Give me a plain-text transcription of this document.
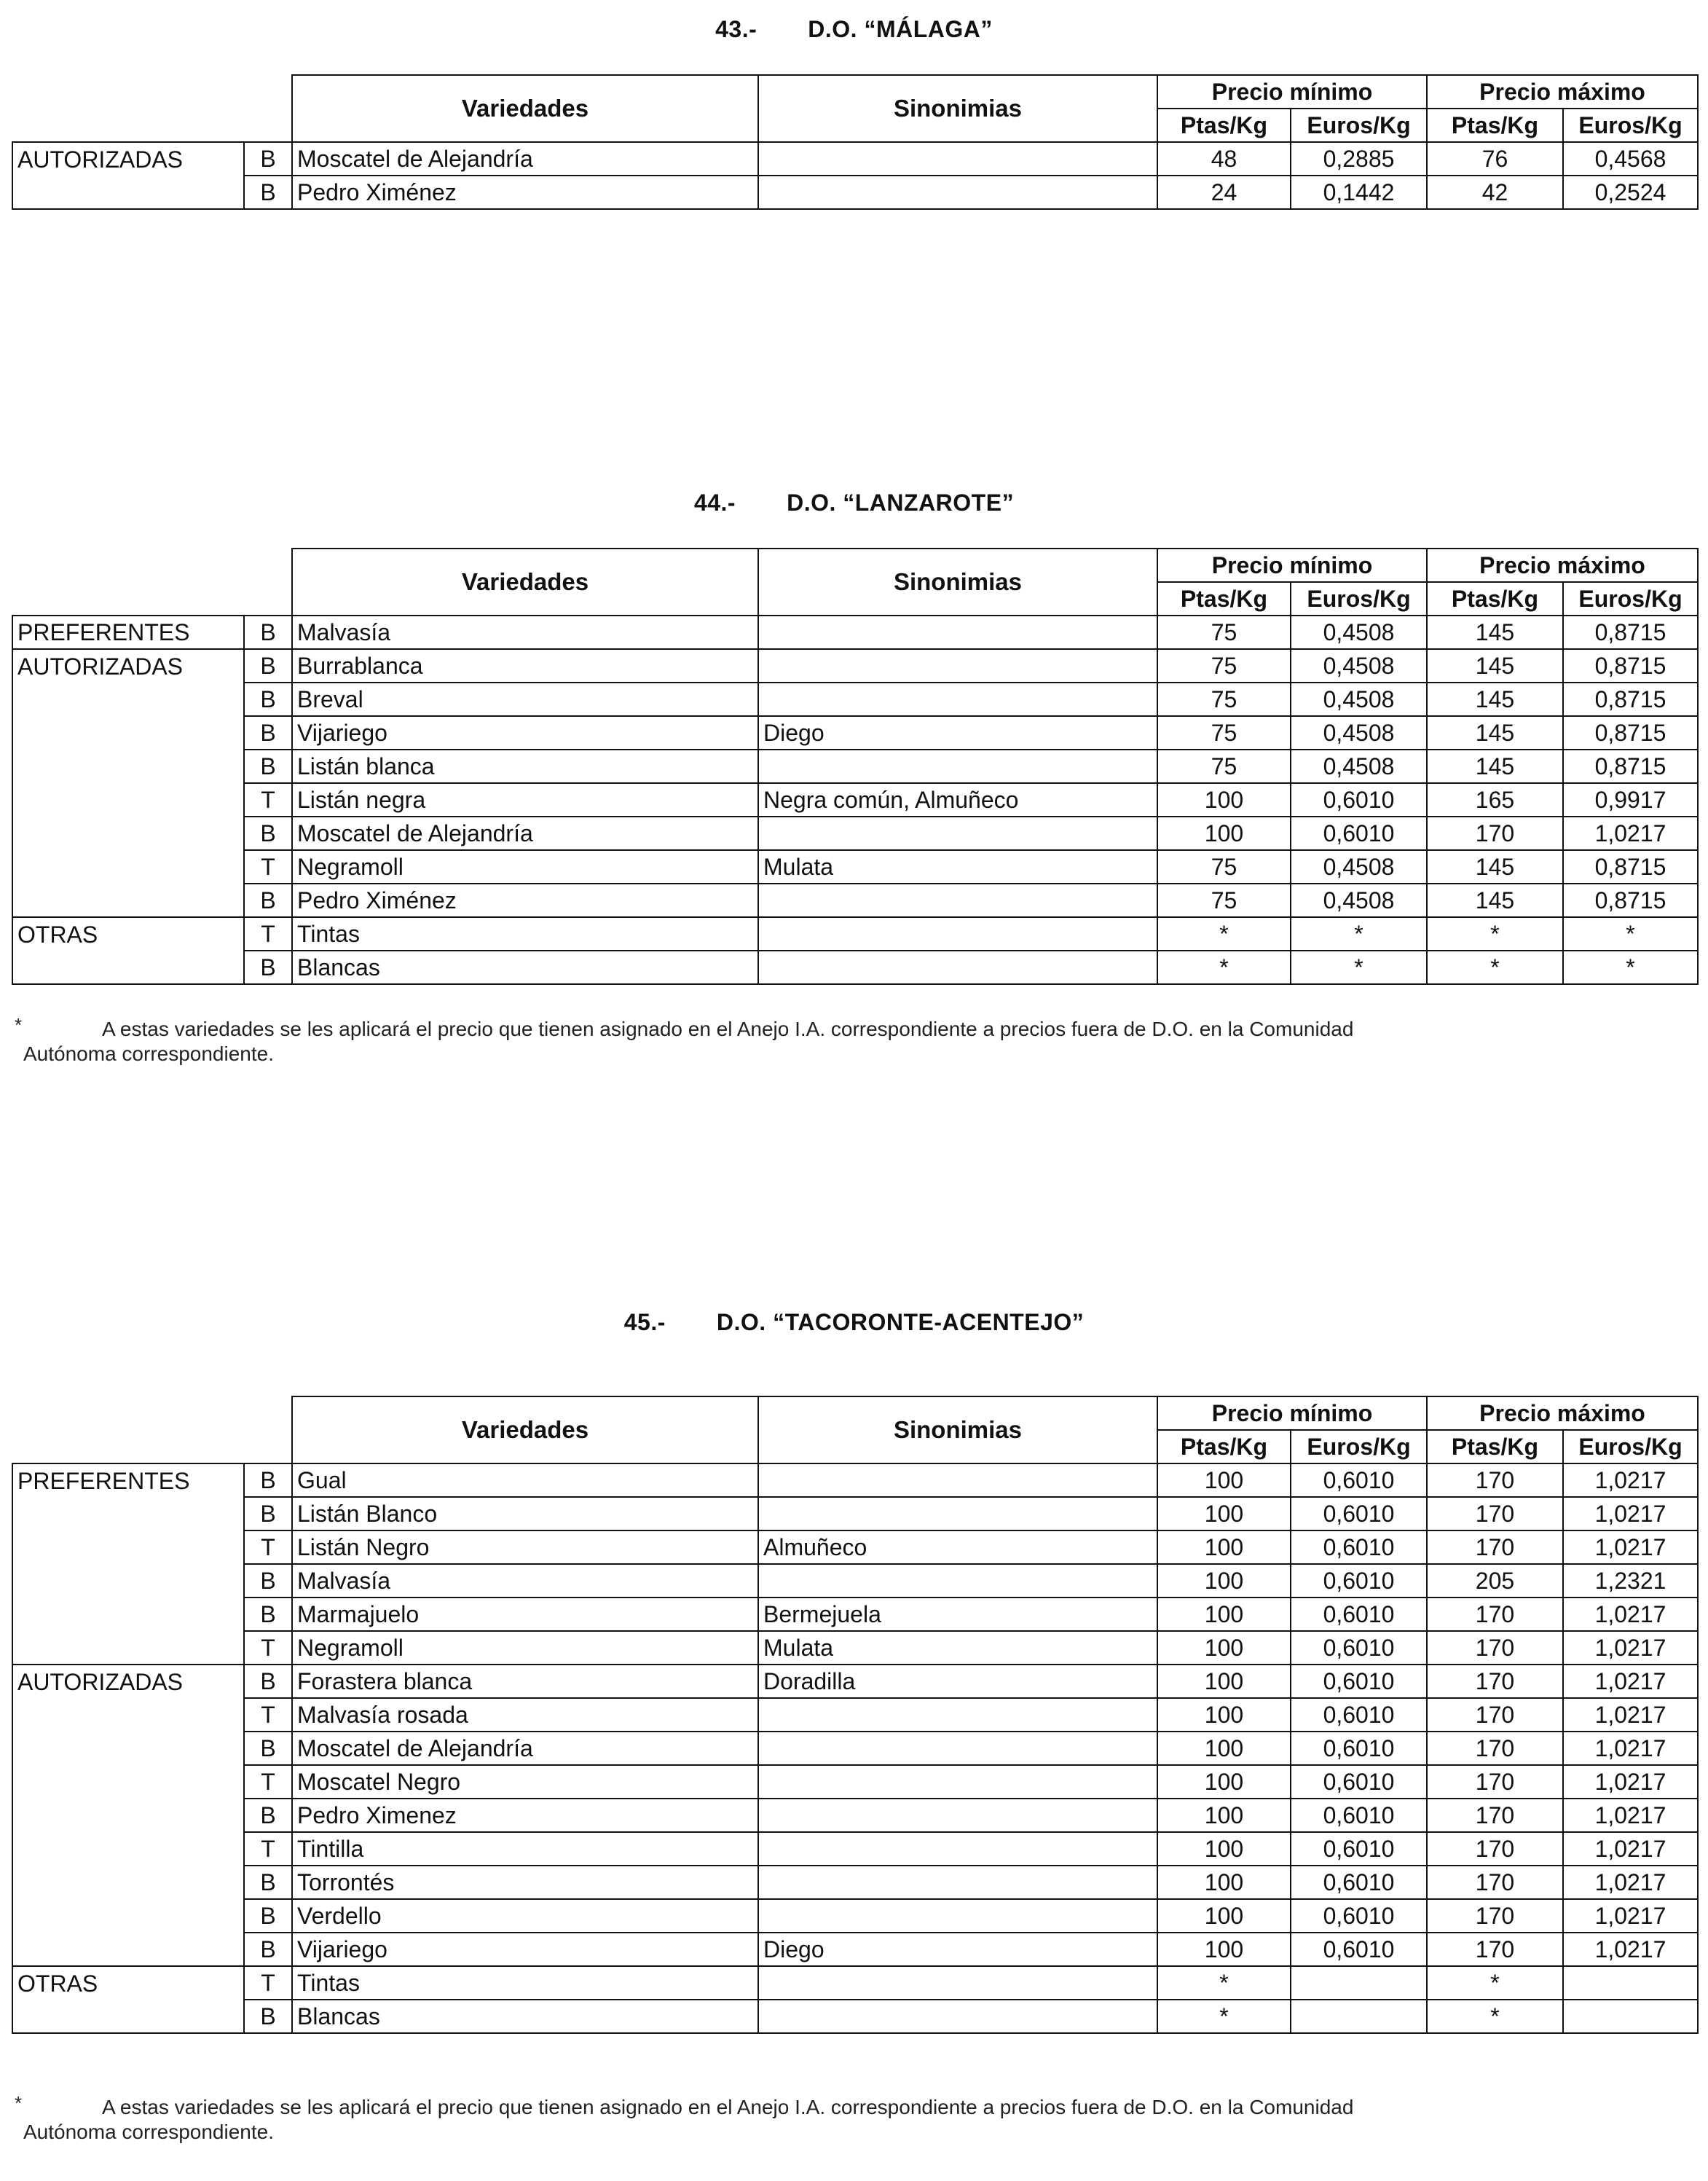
43.- D.O. “MÁLAGA”
		Variedades	Sinonimias	Precio mínimo		Precio máximo	
				Ptas/Kg	Euros/Kg	Ptas/Kg	Euros/Kg
AUTORIZADAS	B	Moscatel de Alejandría		48	0,2885	76	0,4568
	B	Pedro Ximénez		24	0,1442	42	0,2524
44.- D.O. “LANZAROTE”
		Variedades	Sinonimias	Precio mínimo		Precio máximo	
				Ptas/Kg	Euros/Kg	Ptas/Kg	Euros/Kg
PREFERENTES	B	Malvasía		75	0,4508	145	0,8715
AUTORIZADAS	B	Burrablanca		75	0,4508	145	0,8715
	B	Breval		75	0,4508	145	0,8715
	B	Vijariego	Diego	75	0,4508	145	0,8715
	B	Listán blanca		75	0,4508	145	0,8715
	T	Listán negra	Negra común, Almuñeco	100	0,6010	165	0,9917
	B	Moscatel de Alejandría		100	0,6010	170	1,0217
	T	Negramoll	Mulata	75	0,4508	145	0,8715
	B	Pedro Ximénez		75	0,4508	145	0,8715
OTRAS	T	Tintas		*	*	*	*
	B	Blancas		*	*	*	*
*	A estas variedades se les aplicará el precio que tienen asignado en el Anejo I.A. correspondiente a precios fuera de D.O. en la Comunidad
Autónoma correspondiente.
45.- D.O. “TACORONTE-ACENTEJO”
		Variedades	Sinonimias	Precio mínimo		Precio máximo	
				Ptas/Kg	Euros/Kg	Ptas/Kg	Euros/Kg
PREFERENTES	B	Gual		100	0,6010	170	1,0217
	B	Listán Blanco		100	0,6010	170	1,0217
	T	Listán Negro	Almuñeco	100	0,6010	170	1,0217
	B	Malvasía		100	0,6010	205	1,2321
	B	Marmajuelo	Bermejuela	100	0,6010	170	1,0217
	T	Negramoll	Mulata	100	0,6010	170	1,0217
AUTORIZADAS	B	Forastera blanca	Doradilla	100	0,6010	170	1,0217
	T	Malvasía rosada		100	0,6010	170	1,0217
	B	Moscatel de Alejandría		100	0,6010	170	1,0217
	T	Moscatel Negro		100	0,6010	170	1,0217
	B	Pedro Ximenez		100	0,6010	170	1,0217
	T	Tintilla		100	0,6010	170	1,0217
	B	Torrontés		100	0,6010	170	1,0217
	B	Verdello		100	0,6010	170	1,0217
	B	Vijariego	Diego	100	0,6010	170	1,0217
OTRAS	T	Tintas		*		*	
	B	Blancas		*		*	
*	A estas variedades se les aplicará el precio que tienen asignado en el Anejo I.A. correspondiente a precios fuera de D.O. en la Comunidad
Autónoma correspondiente.
